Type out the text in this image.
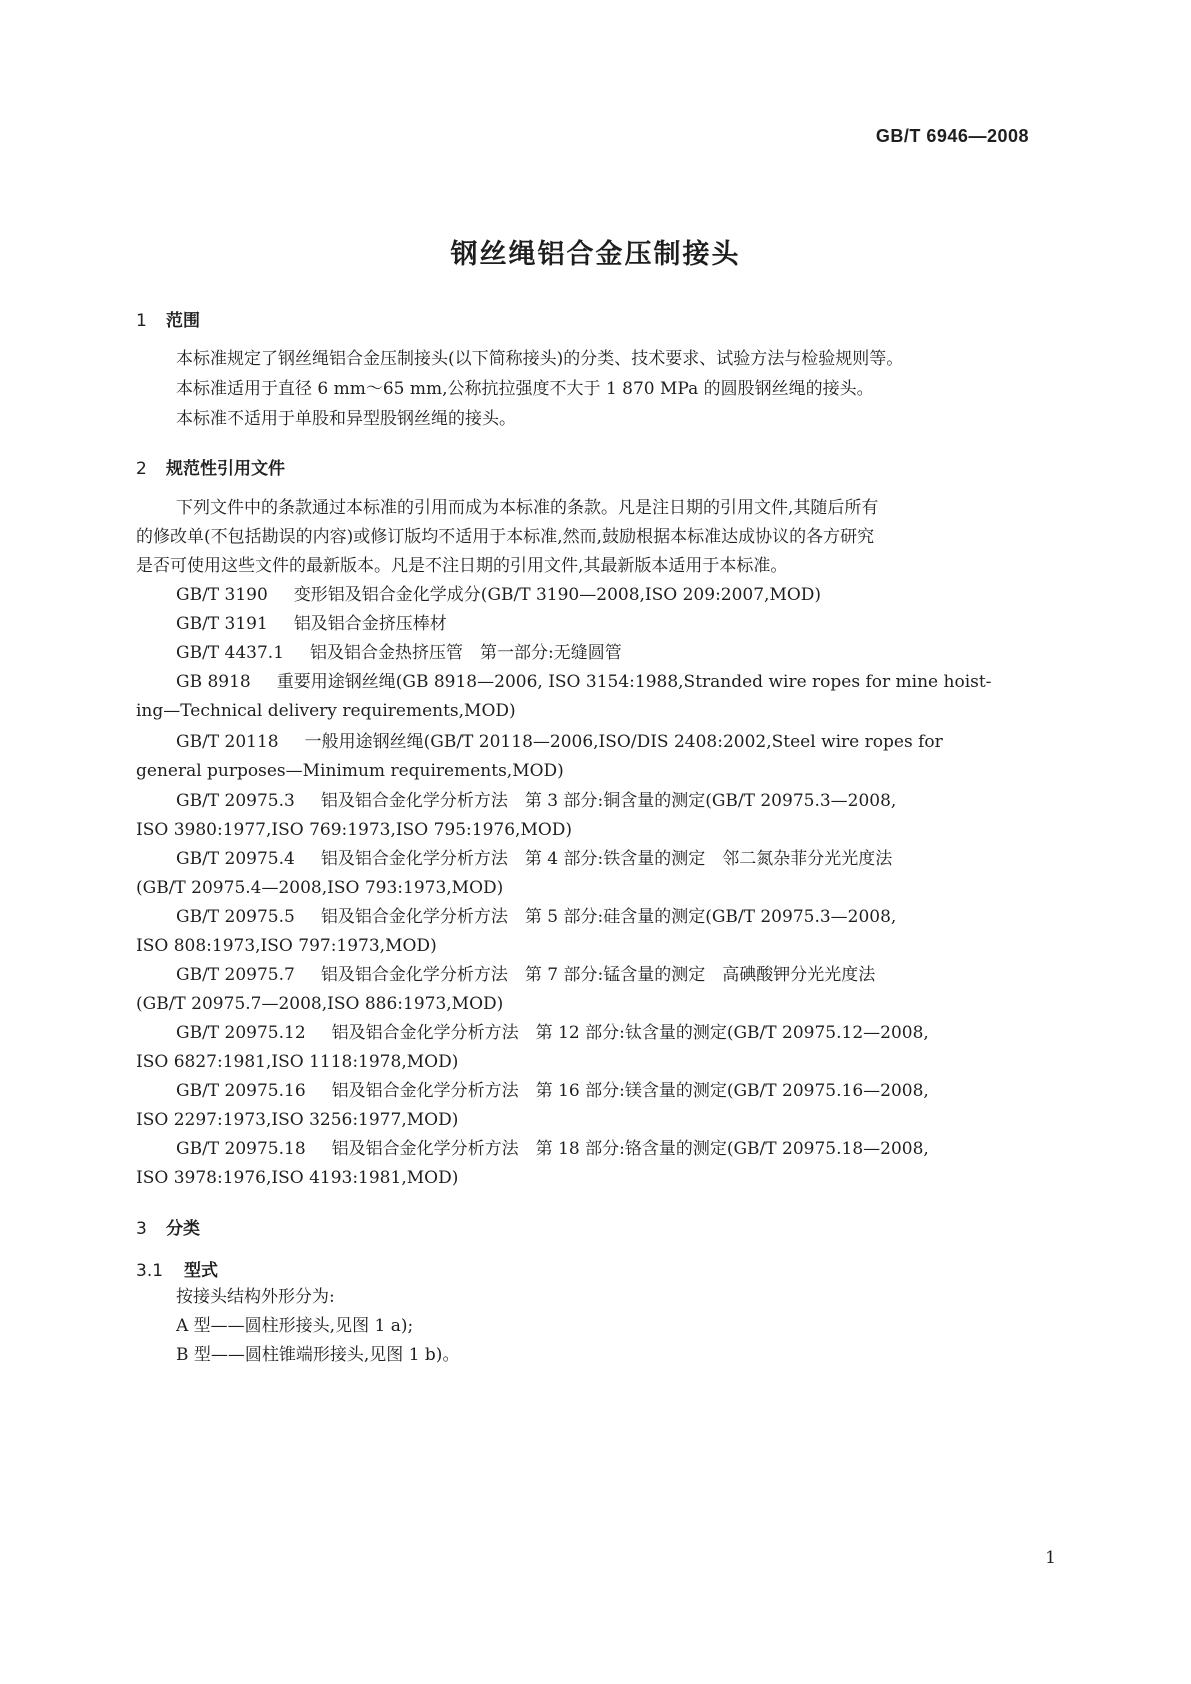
GB/T 6946—2008
钢丝绳铝合金压制接头
1 范围
本标准规定了钢丝绳铝合金压制接头(以下简称接头)的分类、技术要求、试验方法与检验规则等。
本标准适用于直径 6 mm～65 mm,公称抗拉强度不大于 1 870 MPa 的圆股钢丝绳的接头。
本标准不适用于单股和异型股钢丝绳的接头。
2 规范性引用文件
下列文件中的条款通过本标准的引用而成为本标准的条款。凡是注日期的引用文件,其随后所有
的修改单(不包括勘误的内容)或修订版均不适用于本标准,然而,鼓励根据本标准达成协议的各方研究
是否可使用这些文件的最新版本。凡是不注日期的引用文件,其最新版本适用于本标准。
GB/T 3190 变形铝及铝合金化学成分(GB/T 3190—2008,ISO 209:2007,MOD)
GB/T 3191 铝及铝合金挤压棒材
GB/T 4437.1 铝及铝合金热挤压管　第一部分:无缝圆管
GB 8918 重要用途钢丝绳(GB 8918—2006, ISO 3154:1988,Stranded wire ropes for mine hoist-
ing—Technical delivery requirements,MOD)
GB/T 20118 一般用途钢丝绳(GB/T 20118—2006,ISO/DIS 2408:2002,Steel wire ropes for
general purposes—Minimum requirements,MOD)
GB/T 20975.3 铝及铝合金化学分析方法　第 3 部分:铜含量的测定(GB/T 20975.3—2008,
ISO 3980:1977,ISO 769:1973,ISO 795:1976,MOD)
GB/T 20975.4 铝及铝合金化学分析方法　第 4 部分:铁含量的测定　邻二氮杂菲分光光度法
(GB/T 20975.4—2008,ISO 793:1973,MOD)
GB/T 20975.5 铝及铝合金化学分析方法　第 5 部分:硅含量的测定(GB/T 20975.3—2008,
ISO 808:1973,ISO 797:1973,MOD)
GB/T 20975.7 铝及铝合金化学分析方法　第 7 部分:锰含量的测定　高碘酸钾分光光度法
(GB/T 20975.7—2008,ISO 886:1973,MOD)
GB/T 20975.12 铝及铝合金化学分析方法　第 12 部分:钛含量的测定(GB/T 20975.12—2008,
ISO 6827:1981,ISO 1118:1978,MOD)
GB/T 20975.16 铝及铝合金化学分析方法　第 16 部分:镁含量的测定(GB/T 20975.16—2008,
ISO 2297:1973,ISO 3256:1977,MOD)
GB/T 20975.18 铝及铝合金化学分析方法　第 18 部分:铬含量的测定(GB/T 20975.18—2008,
ISO 3978:1976,ISO 4193:1981,MOD)
3 分类
3.1 型式
按接头结构外形分为:
A 型——圆柱形接头,见图 1 a);
B 型——圆柱锥端形接头,见图 1 b)。
1
